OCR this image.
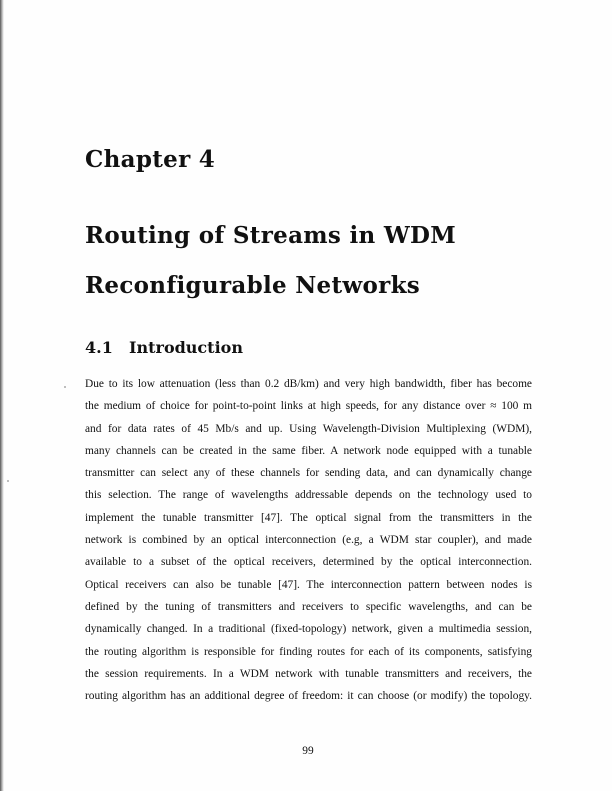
Chapter 4
Routing of Streams in WDM
Reconfigurable Networks
4.1 Introduction
Due to its low attenuation (less than 0.2 dB/km) and very high bandwidth, fiber has become
the medium of choice for point-to-point links at high speeds, for any distance over ≈ 100 m
and for data rates of 45 Mb/s and up. Using Wavelength-Division Multiplexing (WDM),
many channels can be created in the same fiber. A network node equipped with a tunable
transmitter can select any of these channels for sending data, and can dynamically change
this selection. The range of wavelengths addressable depends on the technology used to
implement the tunable transmitter [47]. The optical signal from the transmitters in the
network is combined by an optical interconnection (e.g, a WDM star coupler), and made
available to a subset of the optical receivers, determined by the optical interconnection.
Optical receivers can also be tunable [47]. The interconnection pattern between nodes is
defined by the tuning of transmitters and receivers to specific wavelengths, and can be
dynamically changed. In a traditional (fixed-topology) network, given a multimedia session,
the routing algorithm is responsible for finding routes for each of its components, satisfying
the session requirements. In a WDM network with tunable transmitters and receivers, the
routing algorithm has an additional degree of freedom: it can choose (or modify) the topology.

99
